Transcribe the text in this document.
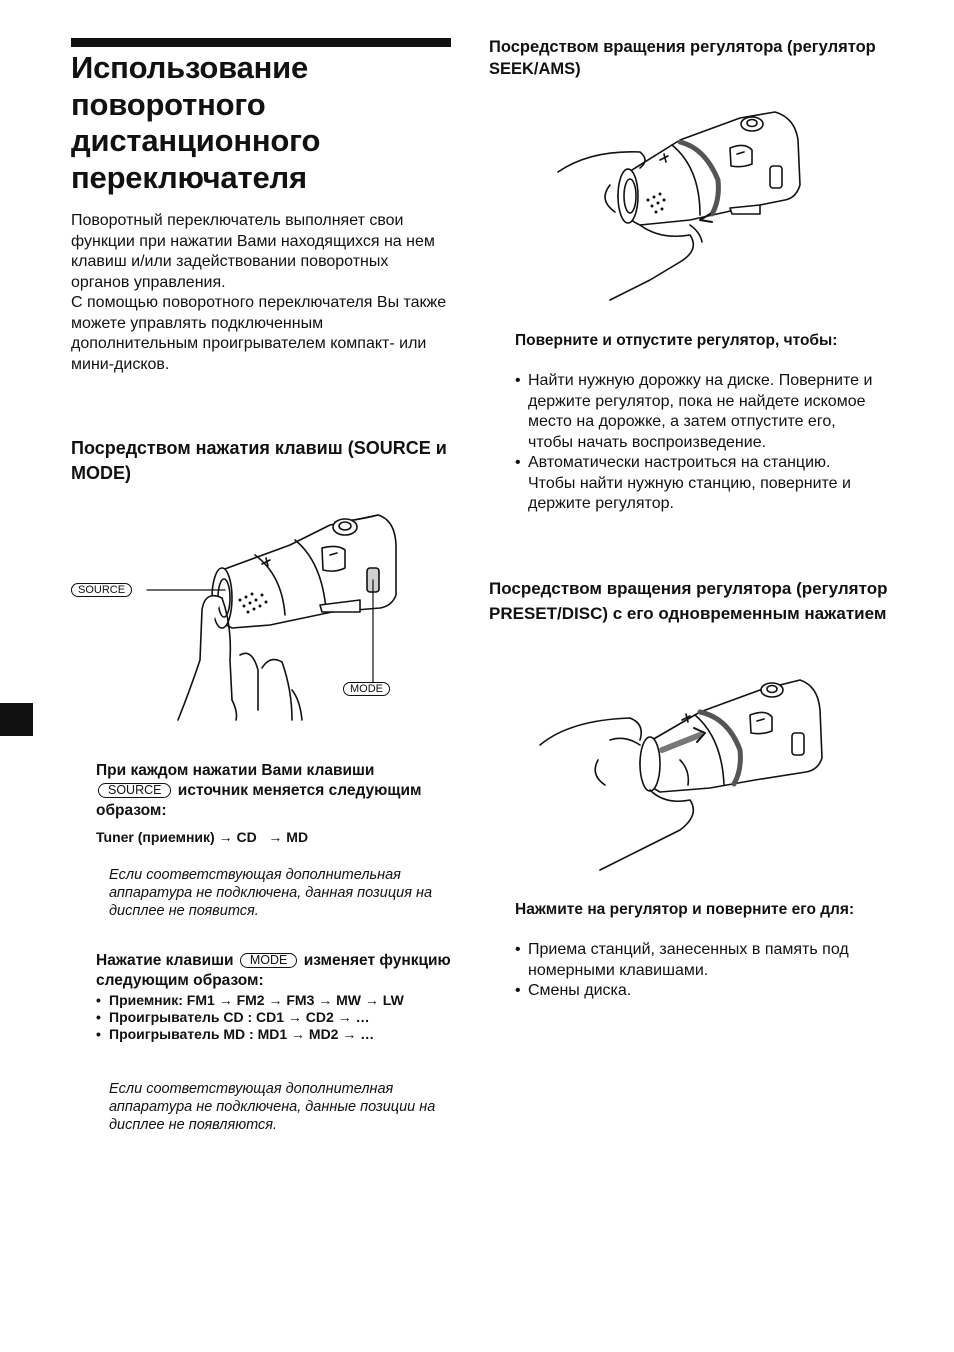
Использование поворотного дистанционного переключателя

Поворотный переключатель выполняет свои функции при нажатии Вами находящихся на нем клавиш и/или задействовании поворотных органов управления.

С помощью поворотного переключателя Вы также можете управлять подключенным дополнительным проигрывателем компакт- или мини-дисков.

Посредством нажатия клавиш (SOURCE и MODE)
SOURCE
MODE
При каждом нажатии Вами клавиши
SOURCE источник меняется следующим образом:
Tuner (приемник) → CD → MD
Если соответствующая дополнительная аппаратура не подключена, данная позиция на дисплее не появится.
Нажатие клавиши MODE изменяет функцию следующим образом:
• Приемник: FM1 → FM2 → FM3 → MW → LW
• Проигрыватель CD : CD1 → CD2 → …
• Проигрыватель MD : MD1 → MD2 → …
Если соответствующая дополнителная аппаратура не подключена, данные позиции на дисплее не появляются.
Посредством вращения регулятора (регулятор SEEK/AMS)
Поверните и отпустите регулятор, чтобы:
• Найти нужную дорожку на диске. Поверните и держите регулятор, пока не найдете искомое место на дорожке, а затем отпустите его, чтобы начать воспроизведение.
• Автоматически настроиться на станцию. Чтобы найти нужную станцию, поверните и держите регулятор.
Посредством вращения регулятора (регулятор PRESET/DISC) с его одновременным нажатием
Нажмите на регулятор и поверните его для:
• Приема станций, занесенных в память под номерными клавишами.
• Смены диска.
